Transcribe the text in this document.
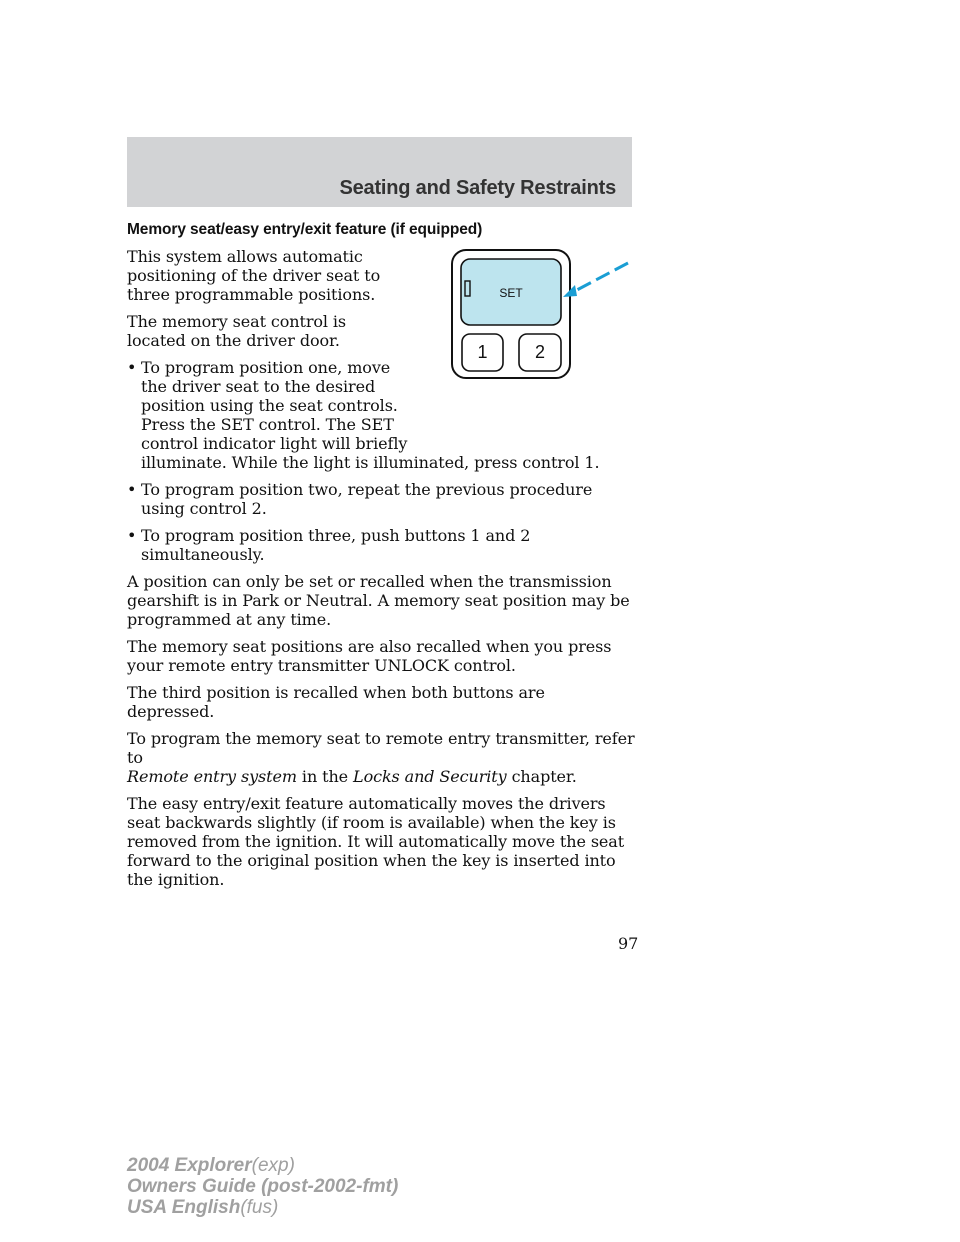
Seating and Safety Restraints
Memory seat/easy entry/exit feature (if equipped)

This system allows automatic positioning of the driver seat to three programmable positions.

The memory seat control is located on the driver door.

• To program position one, move the driver seat to the desired position using the seat controls. Press the SET control. The SET control indicator light will briefly illuminate. While the light is illuminated, press control 1.
• To program position two, repeat the previous procedure using control 2.
• To program position three, push buttons 1 and 2 simultaneously.

A position can only be set or recalled when the transmission gearshift is in Park or Neutral. A memory seat position may be programmed at any time.

The memory seat positions are also recalled when you press your remote entry transmitter UNLOCK control.

The third position is recalled when both buttons are depressed.

To program the memory seat to remote entry transmitter, refer to
Remote entry system in the Locks and Security chapter.

The easy entry/exit feature automatically moves the drivers seat backwards slightly (if room is available) when the key is removed from the ignition. It will automatically move the seat forward to the original position when the key is inserted into the ignition.

SET
1	2
97
2004 Explorer(exp)
Owners Guide (post-2002-fmt)
USA English(fus)
